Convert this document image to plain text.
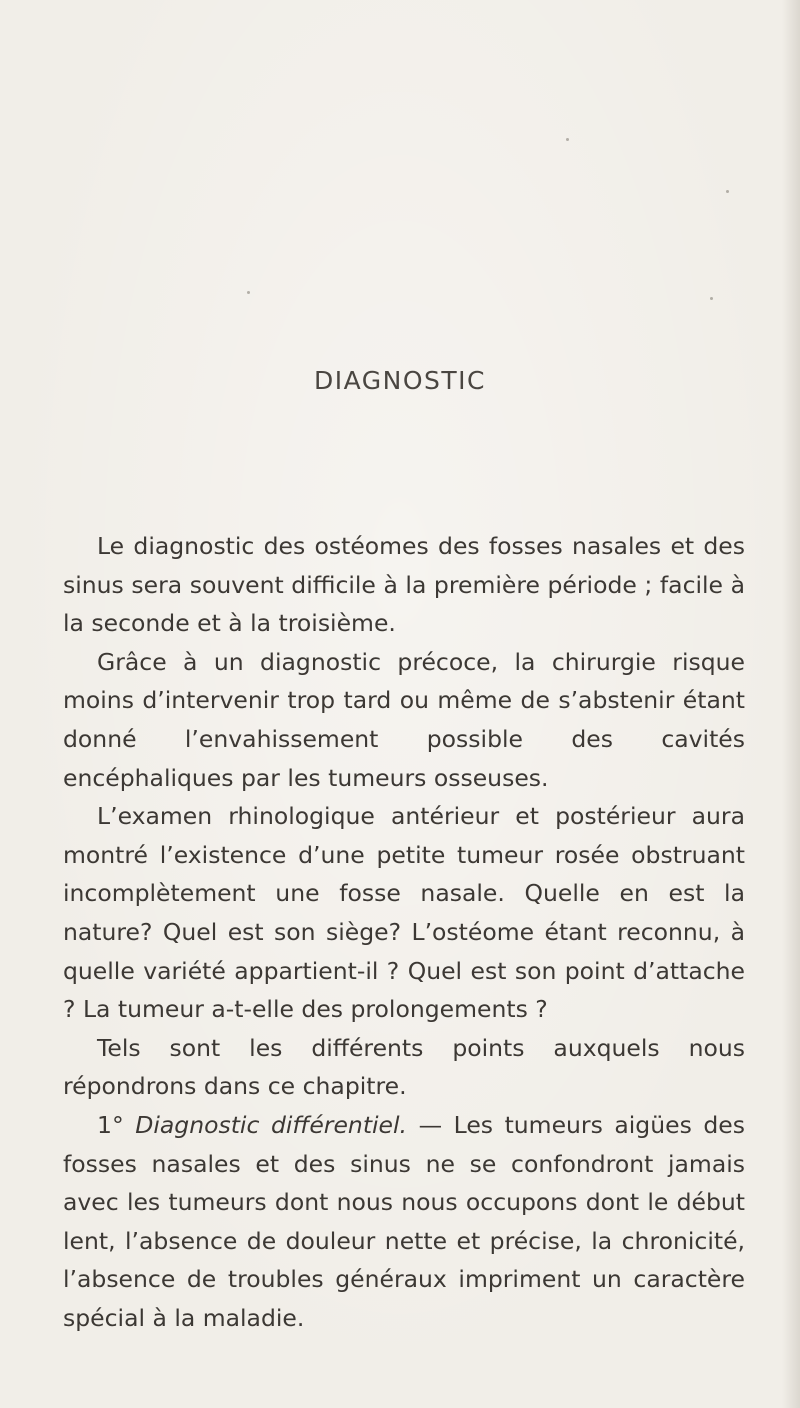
DIAGNOSTIC

Le diagnostic des ostéomes des fosses nasales et des sinus sera souvent difficile à la première période ; facile à la seconde et à la troisième.

Grâce à un diagnostic précoce, la chirurgie risque moins d’intervenir trop tard ou même de s’abstenir étant donné l’envahissement possible des cavités encéphaliques par les tumeurs osseuses.

L’examen rhinologique antérieur et postérieur aura montré l’existence d’une petite tumeur rosée obstruant incomplètement une fosse nasale. Quelle en est la nature? Quel est son siège? L’ostéome étant reconnu, à quelle variété appartient-il ? Quel est son point d’attache ? La tumeur a-t-elle des prolongements ?

Tels sont les différents points auxquels nous répondrons dans ce chapitre.

1° Diagnostic différentiel. — Les tumeurs aigües des fosses nasales et des sinus ne se confondront jamais avec les tumeurs dont nous nous occupons dont le début lent, l’absence de douleur nette et précise, la chronicité, l’absence de troubles généraux impriment un caractère spécial à la maladie.
